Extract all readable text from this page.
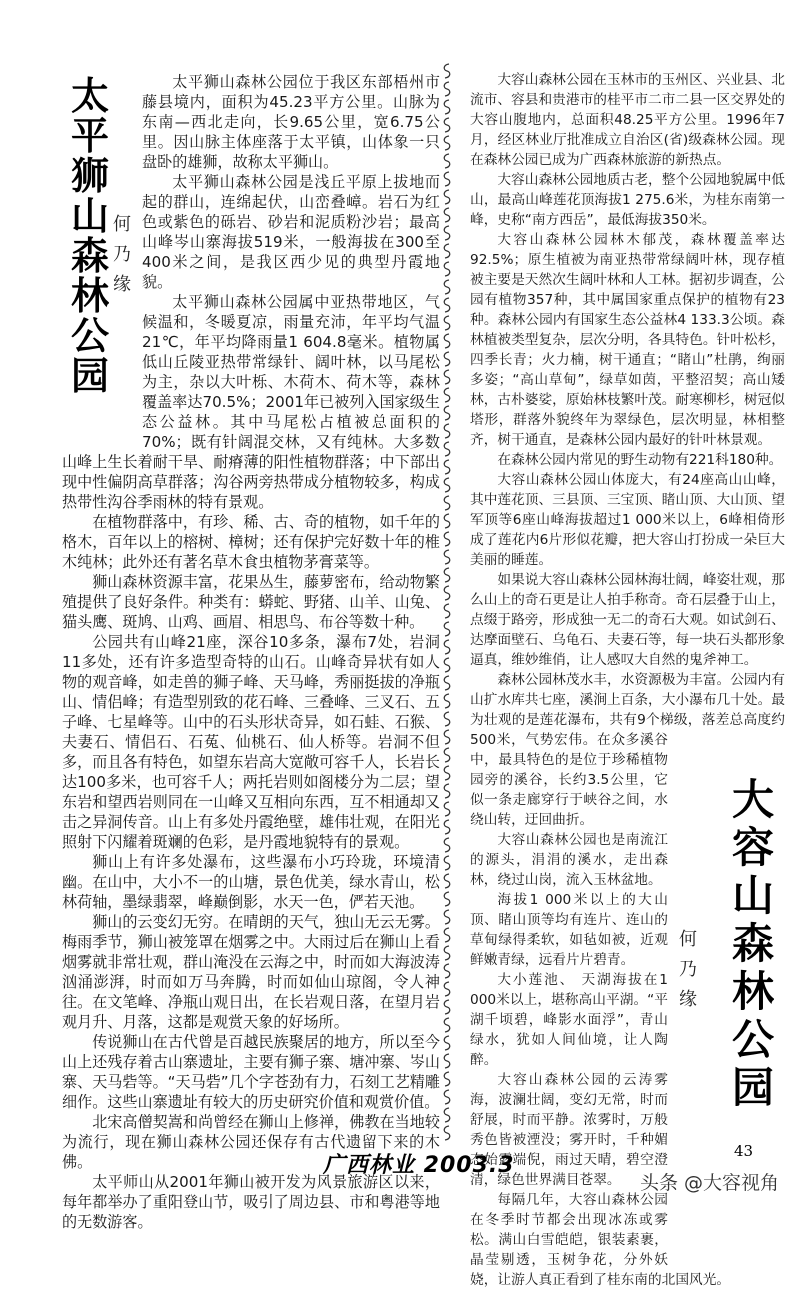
太
平
狮
山
森
林
公
园
何
乃
缘

太平狮山森林公园位于我区东部梧州市藤县境内，面积为45.23平方公里。山脉为东南—西北走向，长9.65公里，宽6.75公里。因山脉主体座落于太平镇，山体象一只盘卧的雄狮，故称太平狮山。

太平狮山森林公园是浅丘平原上拔地而起的群山，连绵起伏，山峦叠嶂。岩石为红色或紫色的砾岩、砂岩和泥质粉沙岩；最高山峰岑山寨海拔519米，一般海拔在300至400米之间，是我区西少见的典型丹霞地貌。

太平狮山森林公园属中亚热带地区，气候温和，冬暖夏凉，雨量充沛，年平均气温21℃，年平均降雨量1 604.8毫米。植物属低山丘陵亚热带常绿针、阔叶林，以马尾松为主，杂以大叶栎、木荷木、荷木等，森林覆盖率达70.5%；2001年已被列入国家级生态公益林。其中马尾松占植被总面积的70%；既有针阔混交林，又有纯林。大多数山峰上生长着耐干旱、耐瘠薄的阳性植物群落；中下部出现中性偏阴高草群落；沟谷两旁热带成分植物较多，构成热带性沟谷季雨林的特有景观。

在植物群落中，有珍、稀、古、奇的植物，如千年的格木，百年以上的榕树、樟树；还有保护完好数十年的椎木纯林；此外还有著名草木食虫植物茅膏菜等。

狮山森林资源丰富，花果丛生，藤萝密布，给动物繁殖提供了良好条件。种类有：蟒蛇、野猪、山羊、山兔、猫头鹰、斑鸠、山鸡、画眉、相思鸟、布谷等数十种。

公园共有山峰21座，深谷10多条，瀑布7处，岩洞11多处，还有许多造型奇特的山石。山峰奇异状有如人物的观音峰，如走兽的狮子峰、天马峰，秀丽挺拔的净瓶山、情侣峰；有造型别致的花石峰、三叠峰、三叉石、五子峰、七星峰等。山中的石头形状奇异，如石蛙、石猴、夫妻石、情侣石、石菟、仙桃石、仙人桥等。岩洞不但多，而且各有特色，如望东岩高大宽敞可容千人，长岩长达100多米，也可容千人；两托岩则如阁楼分为二层；望东岩和望西岩则同在一山峰又互相向东西，互不相通却又击之异洞传音。山上有多处丹霞绝壁，雄伟壮观，在阳光照射下闪耀着斑斓的色彩，是丹霞地貌特有的景观。

狮山上有许多处瀑布，这些瀑布小巧玲珑，环境清幽。在山中，大小不一的山塘，景色优美，绿水青山，松林荷轴，墨绿翡翠，峰巅倒影，水天一色，俨若天池。

狮山的云变幻无穷。在晴朗的天气，独山无云无雾。梅雨季节，狮山被笼罩在烟雾之中。大雨过后在狮山上看烟雾就非常壮观，群山淹没在云海之中，时而如大海波涛汹涌澎湃，时而如万马奔腾，时而如仙山琼阁，令人神往。在文笔峰、净瓶山观日出，在长岩观日落，在望月岩观月升、月落，这都是观赏天象的好场所。

传说狮山在古代曾是百越民族聚居的地方，所以至今山上还残存着古山寨遗址，主要有狮子寨、塘冲寨、岑山寨、天马砦等。“天马砦”几个字苍劲有力，石刻工艺精雕细作。这些山寨遗址有较大的历史研究价值和观赏价值。

北宋高僧契嵩和尚曾经在狮山上修禅，佛教在当地较为流行，现在狮山森林公园还保存有古代遗留下来的木佛。

太平师山从2001年狮山被开发为风景旅游区以来，每年都举办了重阳登山节，吸引了周边县、市和粤港等地的无数游客。

大容山森林公园在玉林市的玉州区、兴业县、北流市、容县和贵港市的桂平市二市二县一区交界处的大容山腹地内，总面积48.25平方公里。1996年7月，经区林业厅批准成立自治区(省)级森林公园。现在森林公园已成为广西森林旅游的新热点。

大容山森林公园地质古老，整个公园地貌属中低山，最高山峰莲花顶海拔1 275.6米，为桂东南第一峰，史称“南方西岳”，最低海拔350米。

大容山森林公园林木郁茂，森林覆盖率达92.5%；原生植被为南亚热带常绿阔叶林，现存植被主要是天然次生阔叶林和人工林。据初步调查，公园有植物357种，其中属国家重点保护的植物有23种。森林公园内有国家生态公益林4 133.3公顷。森林植被类型复杂，层次分明，各具特色。针叶松杉，四季长青；火力楠，树干通直；“睹山”杜鹃，绚丽多姿；“高山草甸”，绿草如茵，平整沼契；高山矮林，古朴婆娑，原始林枝繁叶茂。耐寒柳杉，树冠似塔形，群落外貌终年为翠绿色，层次明显，林相整齐，树干通直，是森林公园内最好的针叶林景观。

在森林公园内常见的野生动物有221科180种。

大容山森林公园山体庞大，有24座高山山峰，其中莲花顶、三县顶、三宝顶、睹山顶、大山顶、望军顶等6座山峰海拔超过1 000米以上，6峰相倚形成了莲花内6片形似花瓣，把大容山打扮成一朵巨大美丽的睡莲。

如果说大容山森林公园林海壮阔，峰姿壮观，那么山上的奇石更是让人拍手称奇。奇石层叠于山上，点缀于路旁，形成独一无二的奇石大观。如试剑石、达摩面壁石、乌龟石、夫妻石等，每一块石头都形象逼真，维妙维俏，让人感叹大自然的鬼斧神工。

森林公园林茂水丰，水资源极为丰富。公园内有山扩水库共七座，溪涧上百条，大小瀑布几十处。最为壮观的是莲花瀑布，共有9个梯级，落差总高度约500米，气势宏伟。在众多溪谷中，最具特色的是位于珍稀植物园旁的溪谷，长约3.5公里，它似一条走廊穿行于峡谷之间，水绕山转，迂回曲折。

大容山森林公园也是南流江的源头，涓涓的溪水，走出森林，绕过山岗，流入玉林盆地。

海拔1 000米以上的大山顶、睹山顶等均有连片、连山的草甸绿得柔软，如毡如被，近观鲜嫩青绿，远看片片碧青。

大小莲池、 天湖海拔在1 000米以上，堪称高山平湖。“平湖千顷碧，峰影水面浮”，青山绿水，犹如人间仙境，让人陶醉。

大容山森林公园的云涛雾海，波澜壮阔，变幻无常，时而舒展，时而平静。浓雾时，万般秀色皆被湮没；雾开时，千种媚态始露端倪，雨过天晴，碧空澄清，绿色世界满目苍翠。

每隔几年，大容山森林公园在冬季时节都会出现冰冻或雾松。满山白雪皑皑，银装素裹，晶莹剔透，玉树争花，分外妖娆，让游人真正看到了桂东南的北国风光。

大
容
山
森
林
公
园
何
乃
缘
广西林业 2003.3
43
头条 @大容视角
